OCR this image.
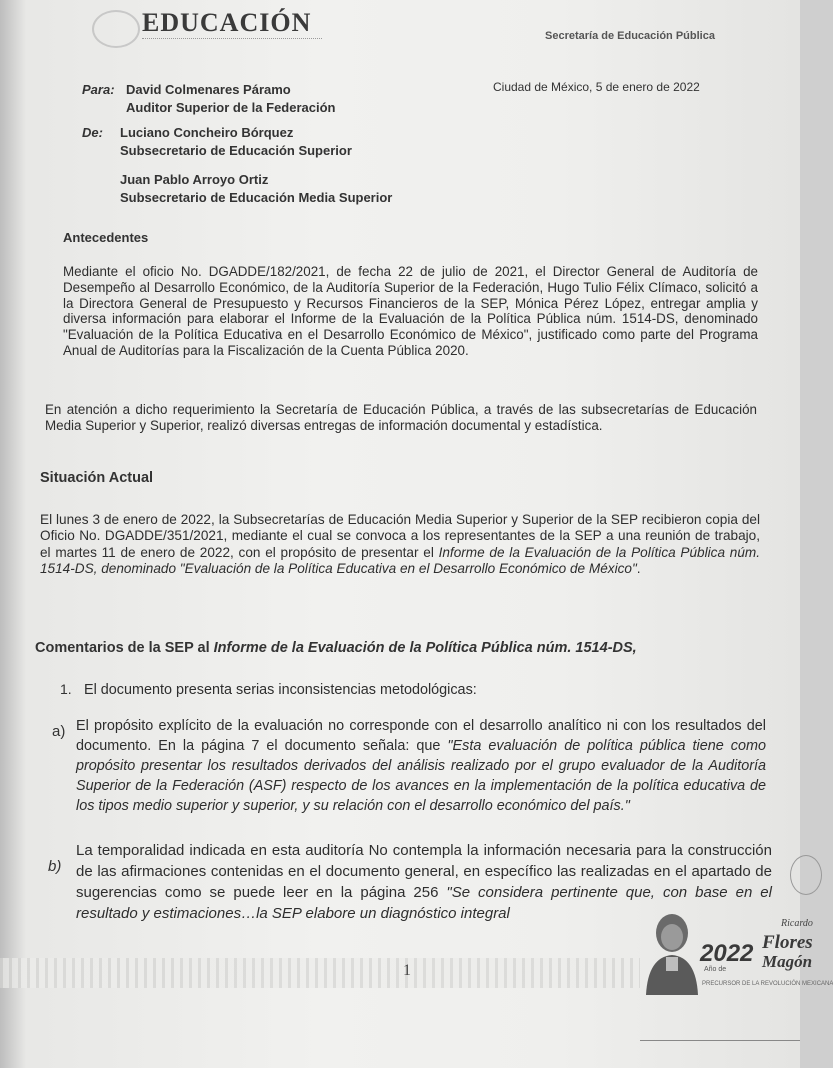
EDUCACIÓN	Secretaría de Educación Pública
Ciudad de México, 5 de enero de 2022
Para: David Colmenares Páramo
Auditor Superior de la Federación
De: Luciano Concheiro Bórquez
Subsecretario de Educación Superior
Juan Pablo Arroyo Ortiz
Subsecretario de Educación Media Superior
Antecedentes
Mediante el oficio No. DGADDE/182/2021, de fecha 22 de julio de 2021, el Director General de Auditoría de Desempeño al Desarrollo Económico, de la Auditoría Superior de la Federación, Hugo Tulio Félix Clímaco, solicitó a la Directora General de Presupuesto y Recursos Financieros de la SEP, Mónica Pérez López, entregar amplia y diversa información para elaborar el Informe de la Evaluación de la Política Pública núm. 1514-DS, denominado "Evaluación de la Política Educativa en el Desarrollo Económico de México", justificado como parte del Programa Anual de Auditorías para la Fiscalización de la Cuenta Pública 2020.
En atención a dicho requerimiento la Secretaría de Educación Pública, a través de las subsecretarías de Educación Media Superior y Superior, realizó diversas entregas de información documental y estadística.
Situación Actual
El lunes 3 de enero de 2022, la Subsecretarías de Educación Media Superior y Superior de la SEP recibieron copia del Oficio No. DGADDE/351/2021, mediante el cual se convoca a los representantes de la SEP a una reunión de trabajo, el martes 11 de enero de 2022, con el propósito de presentar el Informe de la Evaluación de la Política Pública núm. 1514-DS, denominado "Evaluación de la Política Educativa en el Desarrollo Económico de México".
Comentarios de la SEP al Informe de la Evaluación de la Política Pública núm. 1514-DS,
1. El documento presenta serias inconsistencias metodológicas:
a) El propósito explícito de la evaluación no corresponde con el desarrollo analítico ni con los resultados del documento. En la página 7 el documento señala: que "Esta evaluación de política pública tiene como propósito presentar los resultados derivados del análisis realizado por el grupo evaluador de la Auditoría Superior de la Federación (ASF) respecto de los avances en la implementación de la política educativa de los tipos medio superior y superior, y su relación con el desarrollo económico del país."
b)
La temporalidad indicada en esta auditoría No contempla la información necesaria para la construcción de las afirmaciones contenidas en el documento general, en específico las realizadas en el apartado de sugerencias como se puede leer en la página 256 "Se considera pertinente que, con base en el resultado y estimaciones…la SEP elabore un diagnóstico integral
1
Ricardo
2022
Año de
Flores
Magón
PRECURSOR DE LA REVOLUCIÓN MEXICANA
